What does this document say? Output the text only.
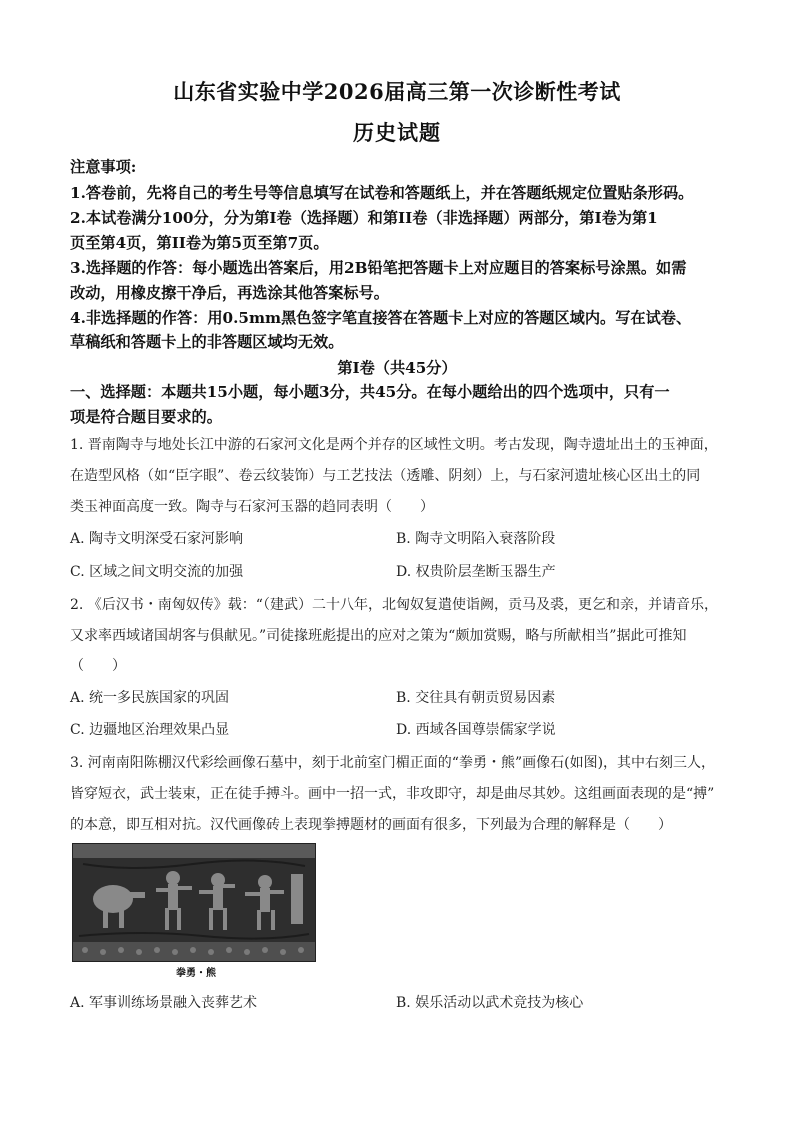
山东省实验中学2026届高三第一次诊断性考试
历史试题
注意事项:
1.答卷前，先将自己的考生号等信息填写在试卷和答题纸上，并在答题纸规定位置贴条形码。
2.本试卷满分100分，分为第I卷（选择题）和第II卷（非选择题）两部分，第I卷为第1
页至第4页，第II卷为第5页至第7页。
3.选择题的作答：每小题选出答案后，用2B铅笔把答题卡上对应题目的答案标号涂黑。如需
改动，用橡皮擦干净后，再选涂其他答案标号。
4.非选择题的作答：用0.5mm黑色签字笔直接答在答题卡上对应的答题区域内。写在试卷、
草稿纸和答题卡上的非答题区域均无效。
第I卷（共45分）
一、选择题：本题共15小题，每小题3分，共45分。在每小题给出的四个选项中，只有一
项是符合题目要求的。
1. 晋南陶寺与地处长江中游的石家河文化是两个并存的区域性文明。考古发现，陶寺遗址出土的玉神面，
在造型风格（如“臣字眼”、卷云纹装饰）与工艺技法（透雕、阴刻）上，与石家河遗址核心区出土的同
类玉神面高度一致。陶寺与石家河玉器的趋同表明（　　）
A. 陶寺文明深受石家河影响	B. 陶寺文明陷入衰落阶段
C. 区域之间文明交流的加强	D. 权贵阶层垄断玉器生产
2. 《后汉书・南匈奴传》载：“（建武）二十八年，北匈奴复遣使诣阙，贡马及裘，更乞和亲，并请音乐，
又求率西域诸国胡客与俱献见。”司徒掾班彪提出的应对之策为“颇加赏赐，略与所献相当”据此可推知
（　　）
A. 统一多民族国家的巩固	B. 交往具有朝贡贸易因素
C. 边疆地区治理效果凸显	D. 西域各国尊崇儒家学说
3. 河南南阳陈棚汉代彩绘画像石墓中，刻于北前室门楣正面的“拳勇・熊”画像石(如图)，其中右刻三人，
皆穿短衣，武士装束，正在徒手搏斗。画中一招一式，非攻即守，却是曲尽其妙。这组画面表现的是“搏”
的本意，即互相对抗。汉代画像砖上表现拳搏题材的画面有很多，下列最为合理的解释是（　　）
拳勇・熊
A. 军事训练场景融入丧葬艺术	B. 娱乐活动以武术竞技为核心
